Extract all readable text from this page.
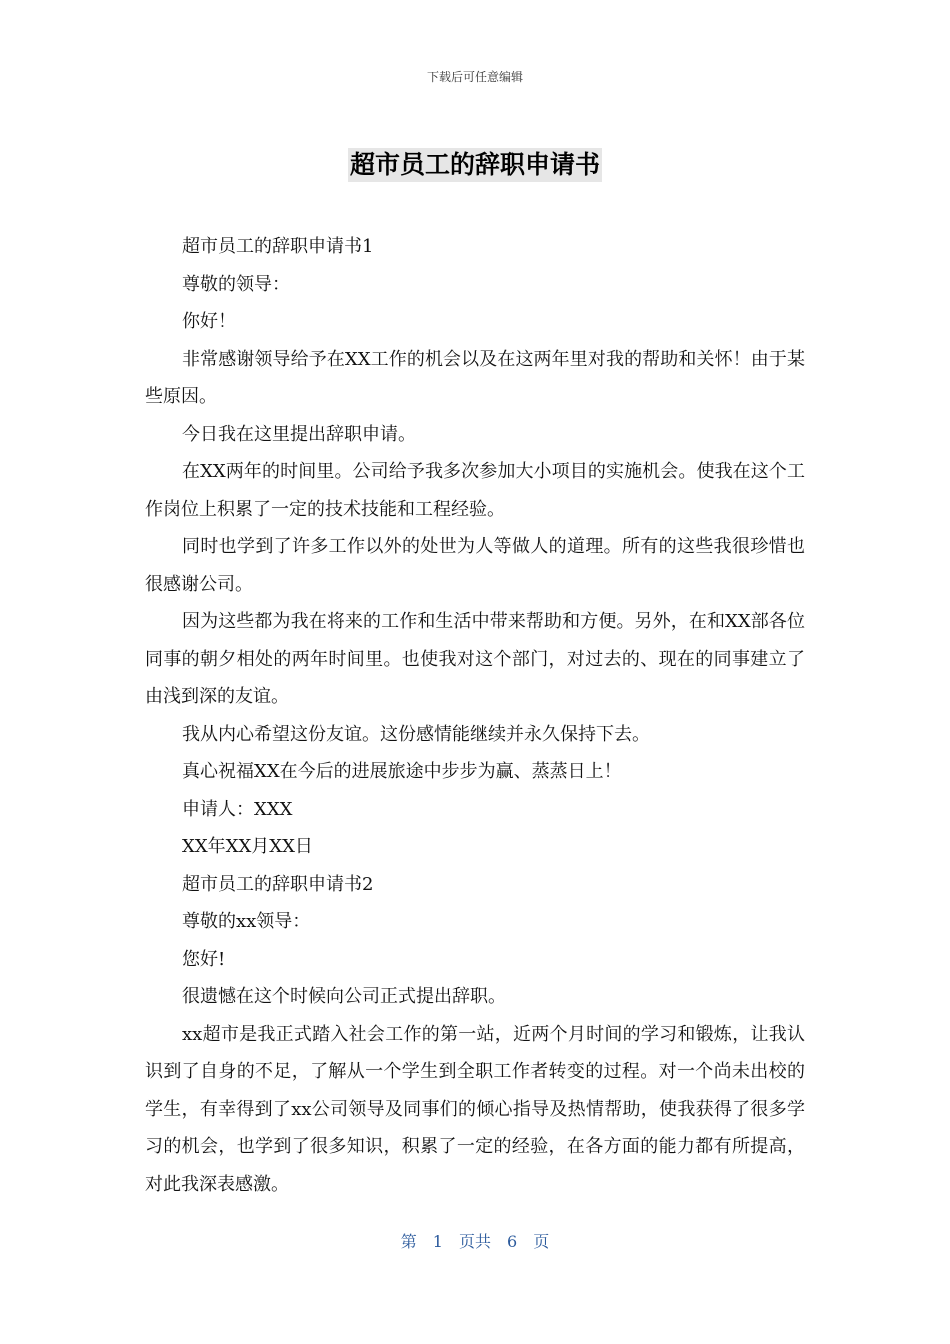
下载后可任意编辑
超市员工的辞职申请书

超市员工的辞职申请书1

尊敬的领导：

你好！

非常感谢领导给予在XX工作的机会以及在这两年里对我的帮助和关怀！由于某些原因。

今日我在这里提出辞职申请。

在XX两年的时间里。公司给予我多次参加大小项目的实施机会。使我在这个工作岗位上积累了一定的技术技能和工程经验。

同时也学到了许多工作以外的处世为人等做人的道理。所有的这些我很珍惜也很感谢公司。

因为这些都为我在将来的工作和生活中带来帮助和方便。另外，在和XX部各位同事的朝夕相处的两年时间里。也使我对这个部门，对过去的、现在的同事建立了由浅到深的友谊。

我从内心希望这份友谊。这份感情能继续并永久保持下去。

真心祝福XX在今后的进展旅途中步步为赢、蒸蒸日上！

申请人：XXX

XX年XX月XX日

超市员工的辞职申请书2

尊敬的xx领导：

您好!

很遗憾在这个时候向公司正式提出辞职。

xx超市是我正式踏入社会工作的第一站，近两个月时间的学习和锻炼，让我认识到了自身的不足，了解从一个学生到全职工作者转变的过程。对一个尚未出校的学生，有幸得到了xx公司领导及同事们的倾心指导及热情帮助，使我获得了很多学习的机会，也学到了很多知识，积累了一定的经验，在各方面的能力都有所提高，对此我深表感激。

第 1 页共 6 页
